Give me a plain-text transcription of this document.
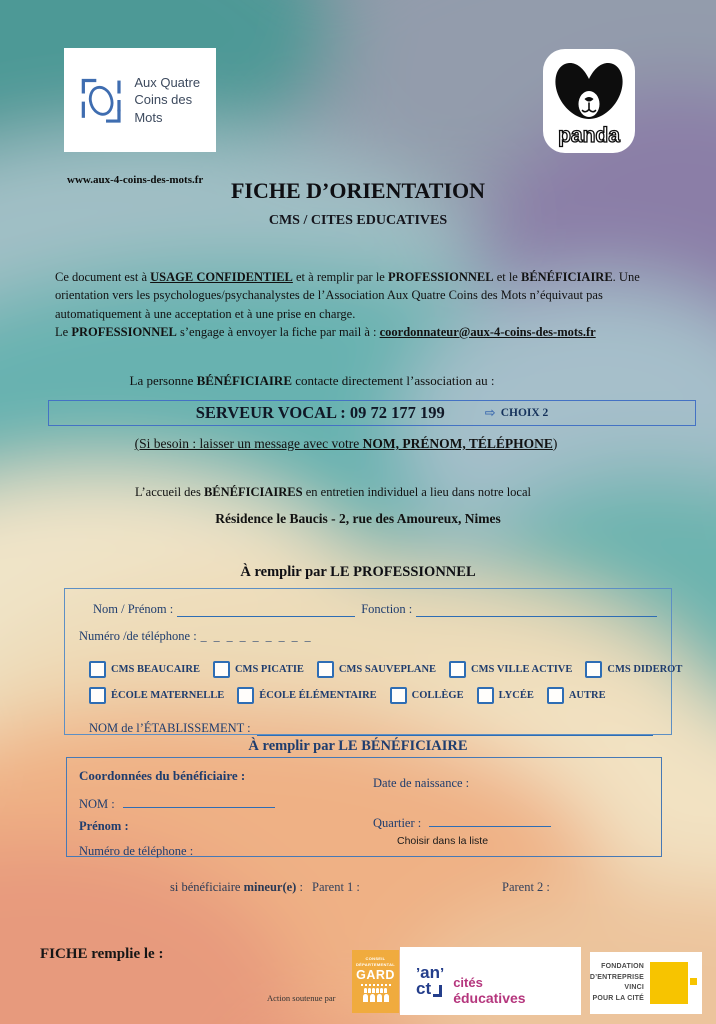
Aux Quatre
Coins des Mots
panda
www.aux-4-coins-des-mots.fr	FICHE D’ORIENTATION
CMS / CITES EDUCATIVES
Ce document est à USAGE CONFIDENTIEL et à remplir par le PROFESSIONNEL et le BÉNÉFICIAIRE. Une orientation vers les psychologues/psychanalystes de l’Association Aux Quatre Coins des Mots n’équivaut pas automatiquement à une acceptation et à une prise en charge.
Le PROFESSIONNEL s’engage à envoyer la fiche par mail à : coordonnateur@aux-4-coins-des-mots.fr
La personne BÉNÉFICIAIRE contacte directement l’association au :
SERVEUR VOCAL : 09 72 177 199	⇨ CHOIX 2
(Si besoin : laisser un message avec votre NOM, PRÉNOM, TÉLÉPHONE)
L’accueil des BÉNÉFICIAIRES en entretien individuel a lieu dans notre local
Résidence le Baucis - 2, rue des Amoureux, Nimes
À remplir par LE PROFESSIONNEL
Nom / Prénom :	Fonction :
Numéro /de téléphone : _ _ _ _ _ _ _ _ _
CMS BEAUCAIRE	CMS PICATIE	CMS SAUVEPLANE	CMS VILLE ACTIVE	CMS DIDEROT
ÉCOLE MATERNELLE	ÉCOLE ÉLÉMENTAIRE	COLLÈGE	LYCÉE	AUTRE
NOM de l’ÉTABLISSEMENT :
À remplir par LE BÉNÉFICIAIRE
Coordonnées du bénéficiaire :
NOM :
Prénom :
Numéro de téléphone :
Date de naissance :
Quartier :
Choisir dans la liste
si bénéficiaire mineur(e) : Parent 1 :	Parent 2 :
FICHE remplie le :
Action soutenue par
CONSEIL
DÉPARTEMENTAL
GARD ’an’
ct cités
éducatives
FONDATION
D’ENTREPRISE
VINCI
POUR LA CITÉ
